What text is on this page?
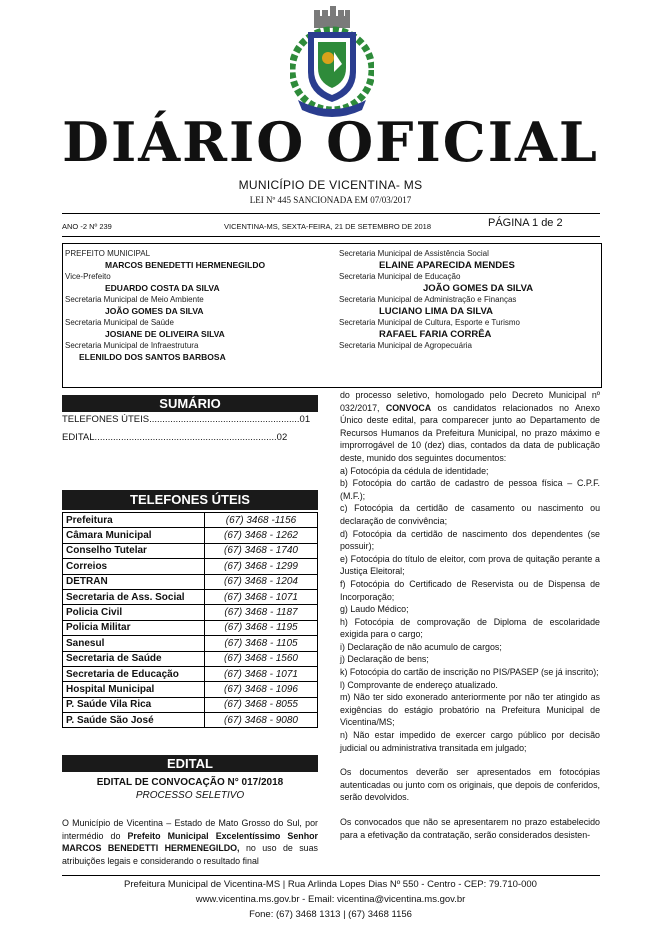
DIÁRIO OFICIAL
MUNICÍPIO DE VICENTINA- MS
LEI Nº 445 SANCIONADA EM 07/03/2017
ANO -2 Nº 239	VICENTINA-MS, SEXTA-FEIRA, 21 DE SETEMBRO DE 2018	PÁGINA 1 de 2
PREFEITO MUNICIPAL
MARCOS BENEDETTI HERMENEGILDO
Vice-Prefeito
EDUARDO COSTA DA SILVA
Secretaria Municipal de Meio Ambiente
JOÃO GOMES DA SILVA
Secretaria Municipal de Saúde
JOSIANE DE OLIVEIRA SILVA
Secretaria Municipal de Infraestrutura
ELENILDO DOS SANTOS BARBOSA
Secretaria Municipal de Assistência Social
ELAINE APARECIDA MENDES
Secretaria Municipal de Educação
JOÃO GOMES DA SILVA
Secretaria Municipal de Administração e Finanças
LUCIANO LIMA DA SILVA
Secretaria Municipal de Cultura, Esporte e Turismo
RAFAEL FARIA CORRÊA
Secretaria Municipal de Agropecuária
SUMÁRIO
TELEFONES ÚTEIS.........................................................01
EDITAL.....................................................................02
TELEFONES ÚTEIS
Prefeitura	(67) 3468 -1156
Câmara Municipal	(67) 3468 - 1262
Conselho Tutelar	(67) 3468 - 1740
Correios	(67) 3468 - 1299
DETRAN	(67) 3468 - 1204
Secretaria de Ass. Social	(67) 3468 - 1071
Policia Civil	(67) 3468 - 1187
Policia Militar	(67) 3468 - 1195
Sanesul	(67) 3468 - 1105
Secretaria de Saúde	(67) 3468 - 1560
Secretaria de Educação	(67) 3468 - 1071
Hospital Municipal	(67) 3468 - 1096
P. Saúde Vila Rica	(67) 3468 - 8055
P. Saúde São José	(67) 3468 - 9080
EDITAL
EDITAL DE CONVOCAÇÃO N° 017/2018
PROCESSO SELETIVO
O Município de Vicentina – Estado de Mato Grosso do Sul, por intermédio do Prefeito Municipal Excelentíssimo Senhor MARCOS BENEDETTI HERMENEGILDO, no uso de suas atribuições legais e considerando o resultado final
do processo seletivo, homologado pelo Decreto Municipal nº 032/2017, CONVOCA os candidatos relacionados no Anexo Único deste edital, para comparecer junto ao Departamento de Recursos Humanos da Prefeitura Municipal, no prazo máximo e improrrogável de 10 (dez) dias, contados da data de publicação deste, munido dos seguintes documentos:
a) Fotocópia da cédula de identidade;
b) Fotocópia do cartão de cadastro de pessoa física – C.P.F.(M.F.);
c) Fotocópia da certidão de casamento ou nascimento ou declaração de convivência;
d) Fotocópia da certidão de nascimento dos dependentes (se possuir);
e) Fotocópia do título de eleitor, com prova de quitação perante a Justiça Eleitoral;
f) Fotocópia do Certificado de Reservista ou de Dispensa de Incorporação;
g) Laudo Médico;
h) Fotocópia de comprovação de Diploma de escolaridade exigida para o cargo;
i) Declaração de não acumulo de cargos;
j) Declaração de bens;
k) Fotocópia do cartão de inscrição no PIS/PASEP (se já inscrito);
l) Comprovante de endereço atualizado.
m) Não ter sido exonerado anteriormente por não ter atingido as exigências do estágio probatório na Prefeitura Municipal de Vicentina/MS;
n) Não estar impedido de exercer cargo público por decisão judicial ou administrativa transitada em julgado;
Os documentos deverão ser apresentados em fotocópias autenticadas ou junto com os originais, que depois de conferidos, serão devolvidos.
Os convocados que não se apresentarem no prazo estabelecido para a efetivação da contratação, serão considerados desisten-
Prefeitura Municipal de Vicentina-MS | Rua Arlinda Lopes Dias Nº 550 - Centro - CEP: 79.710-000
www.vicentina.ms.gov.br - Email: vicentina@vicentina.ms.gov.br
Fone: (67) 3468 1313 | (67) 3468 1156
